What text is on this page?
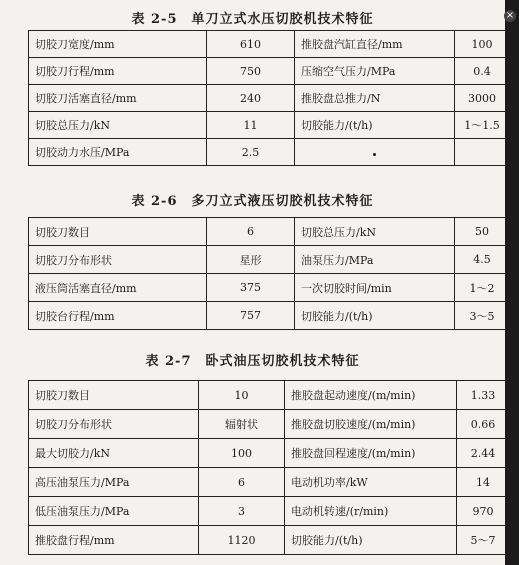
表 2-5　单刀立式水压切胶机技术特征
切胶刀宽度/mm	610	推胶盘汽缸直径/mm	100
切胶刀行程/mm	750	压缩空气压力/MPa	0.4
切胶刀活塞直径/mm	240	推胶盘总推力/N	3000
切胶总压力/kN	11	切胶能力/(t/h)	1～1.5
切胶动力水压/MPa	2.5		
表 2-6　多刀立式液压切胶机技术特征
切胶刀数目	6	切胶总压力/kN	50
切胶刀分布形状	星形	油泵压力/MPa	4.5
液压筒活塞直径/mm	375	一次切胶时间/min	1～2
切胶台行程/mm	757	切胶能力/(t/h)	3～5
表 2-7　卧式油压切胶机技术特征
切胶刀数目	10	推胶盘起动速度/(m/min)	1.33
切胶刀分布形状	辐射状	推胶盘切胶速度/(m/min)	0.66
最大切胶力/kN	100	推胶盘回程速度/(m/min)	2.44
高压油泵压力/MPa	6	电动机功率/kW	14
低压油泵压力/MPa	3	电动机转速/(r/min)	970
推胶盘行程/mm	1120	切胶能力/(t/h)	5～7
×
